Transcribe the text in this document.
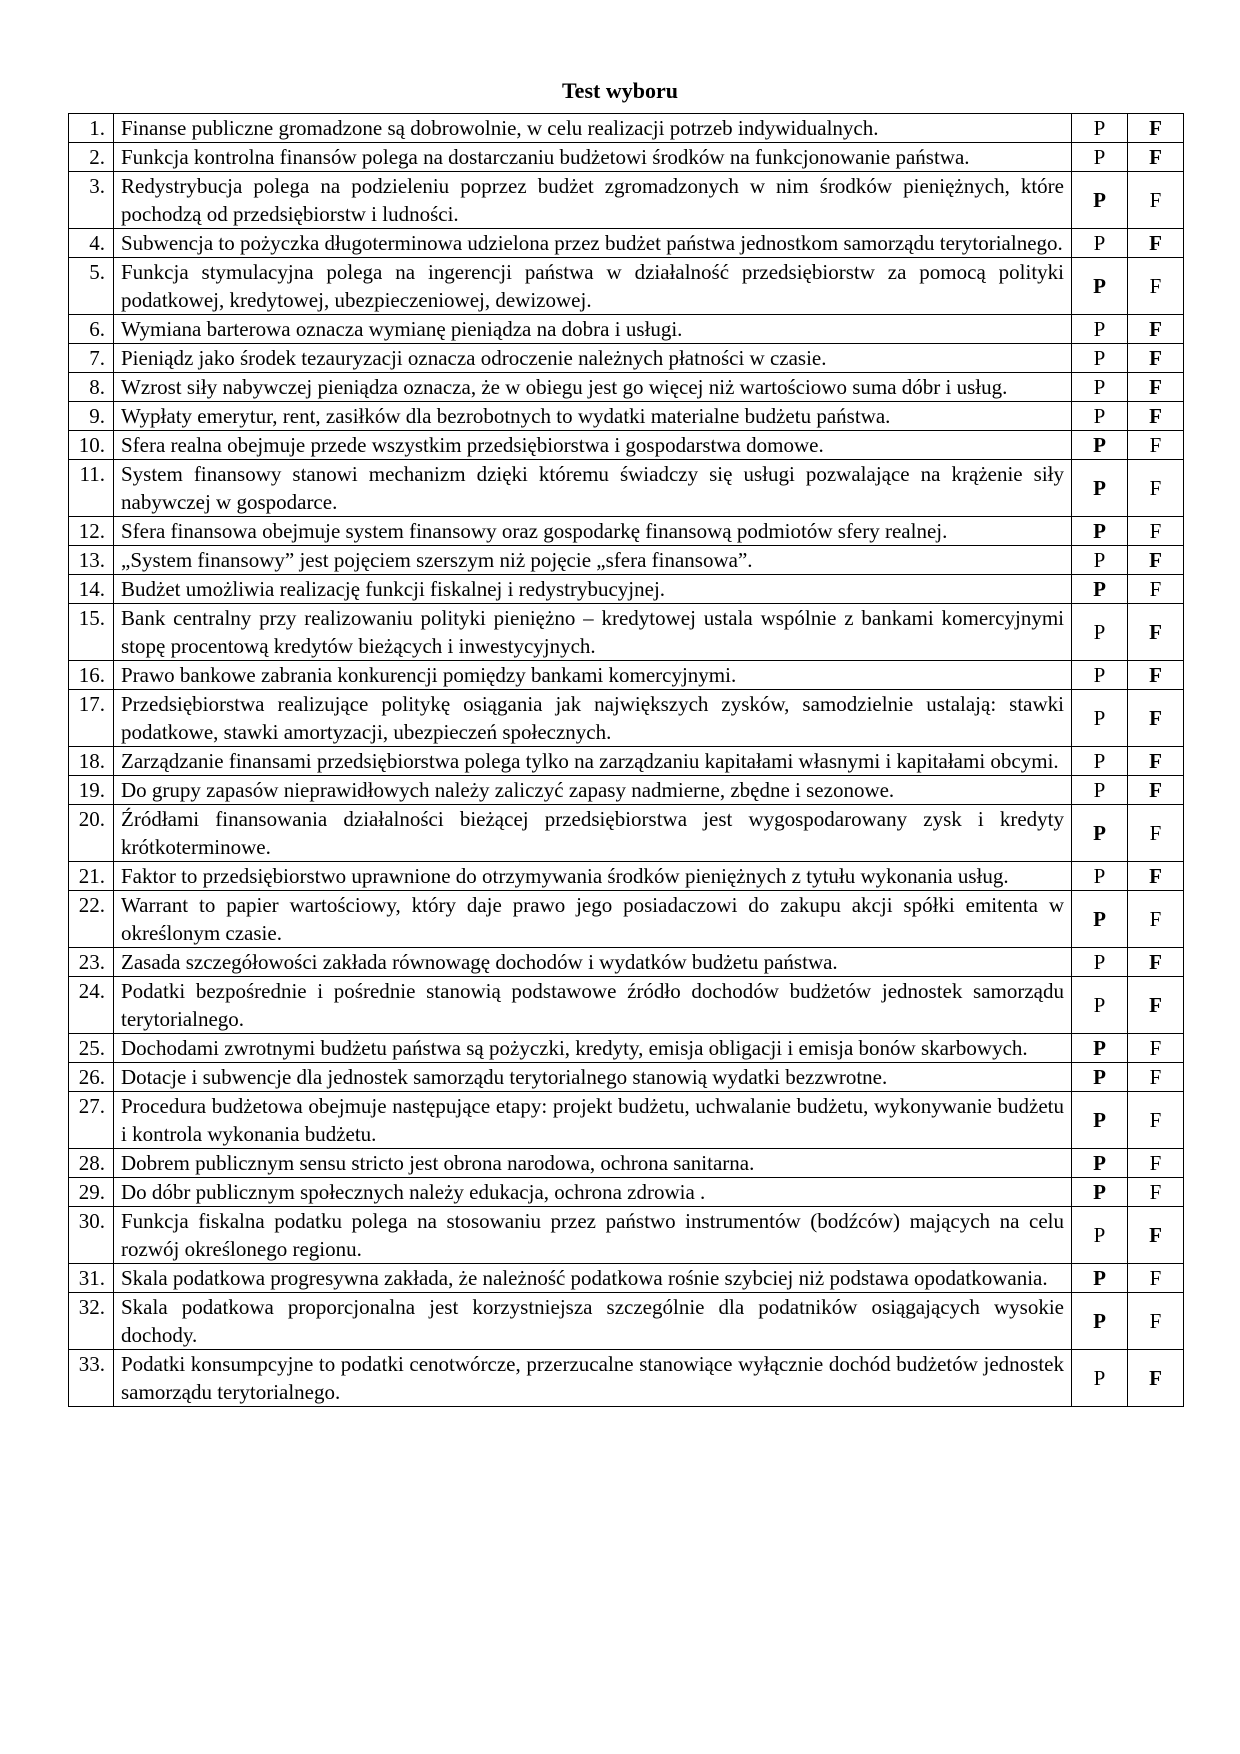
Test wyboru
1.	Finanse publiczne gromadzone są dobrowolnie, w celu realizacji potrzeb indywidualnych.	P	F
2.	Funkcja kontrolna finansów polega na dostarczaniu budżetowi środków na funkcjonowanie państwa.	P	F
3.	Redystrybucja polega na podzieleniu poprzez budżet zgromadzonych w nim środków pieniężnych, które pochodzą od przedsiębiorstw i ludności.	P	F
4.	Subwencja to pożyczka długoterminowa udzielona przez budżet państwa jednostkom samorządu terytorialnego.	P	F
5.	Funkcja stymulacyjna polega na ingerencji państwa w działalność przedsiębiorstw za pomocą polityki podatkowej, kredytowej, ubezpieczeniowej, dewizowej.	P	F
6.	Wymiana barterowa oznacza wymianę pieniądza na dobra i usługi.	P	F
7.	Pieniądz jako środek tezauryzacji oznacza odroczenie należnych płatności w czasie.	P	F
8.	Wzrost siły nabywczej pieniądza oznacza, że w obiegu jest go więcej niż wartościowo suma dóbr i usług.	P	F
9.	Wypłaty emerytur, rent, zasiłków dla bezrobotnych to wydatki materialne budżetu państwa.	P	F
10.	Sfera realna obejmuje przede wszystkim przedsiębiorstwa i gospodarstwa domowe.	P	F
11.	System finansowy stanowi mechanizm dzięki któremu świadczy się usługi pozwalające na krążenie siły nabywczej w gospodarce.	P	F
12.	Sfera finansowa obejmuje system finansowy oraz gospodarkę finansową podmiotów sfery realnej.	P	F
13.	„System finansowy” jest pojęciem szerszym niż pojęcie „sfera finansowa”.	P	F
14.	Budżet umożliwia realizację funkcji fiskalnej i redystrybucyjnej.	P	F
15.	Bank centralny przy realizowaniu polityki pieniężno – kredytowej ustala wspólnie z bankami komercyjnymi stopę procentową kredytów bieżących i inwestycyjnych.	P	F
16.	Prawo bankowe zabrania konkurencji pomiędzy bankami komercyjnymi.	P	F
17.	Przedsiębiorstwa realizujące politykę osiągania jak największych zysków, samodzielnie ustalają: stawki podatkowe, stawki amortyzacji, ubezpieczeń społecznych.	P	F
18.	Zarządzanie finansami przedsiębiorstwa polega tylko na zarządzaniu kapitałami własnymi i kapitałami obcymi.	P	F
19.	Do grupy zapasów nieprawidłowych należy zaliczyć zapasy nadmierne, zbędne i sezonowe.	P	F
20.	Źródłami finansowania działalności bieżącej przedsiębiorstwa jest wygospodarowany zysk i kredyty krótkoterminowe.	P	F
21.	Faktor to przedsiębiorstwo uprawnione do otrzymywania środków pieniężnych z tytułu wykonania usług.	P	F
22.	Warrant to papier wartościowy, który daje prawo jego posiadaczowi do zakupu akcji spółki emitenta w określonym czasie.	P	F
23.	Zasada szczegółowości zakłada równowagę dochodów i wydatków budżetu państwa.	P	F
24.	Podatki bezpośrednie i pośrednie stanowią podstawowe źródło dochodów budżetów jednostek samorządu terytorialnego.	P	F
25.	Dochodami zwrotnymi budżetu państwa są pożyczki, kredyty, emisja obligacji i emisja bonów skarbowych.	P	F
26.	Dotacje i subwencje dla jednostek samorządu terytorialnego stanowią wydatki bezzwrotne.	P	F
27.	Procedura budżetowa obejmuje następujące etapy: projekt budżetu, uchwalanie budżetu, wykonywanie budżetu i kontrola wykonania budżetu.	P	F
28.	Dobrem publicznym sensu stricto jest obrona narodowa, ochrona sanitarna.	P	F
29.	Do dóbr publicznym społecznych należy edukacja, ochrona zdrowia .	P	F
30.	Funkcja fiskalna podatku polega na stosowaniu przez państwo instrumentów (bodźców) mających na celu rozwój określonego regionu.	P	F
31.	Skala podatkowa progresywna zakłada, że należność podatkowa rośnie szybciej niż podstawa opodatkowania.	P	F
32.	Skala podatkowa proporcjonalna jest korzystniejsza szczególnie dla podatników osiągających wysokie dochody.	P	F
33.	Podatki konsumpcyjne to podatki cenotwórcze, przerzucalne stanowiące wyłącznie dochód budżetów jednostek samorządu terytorialnego.	P	F
